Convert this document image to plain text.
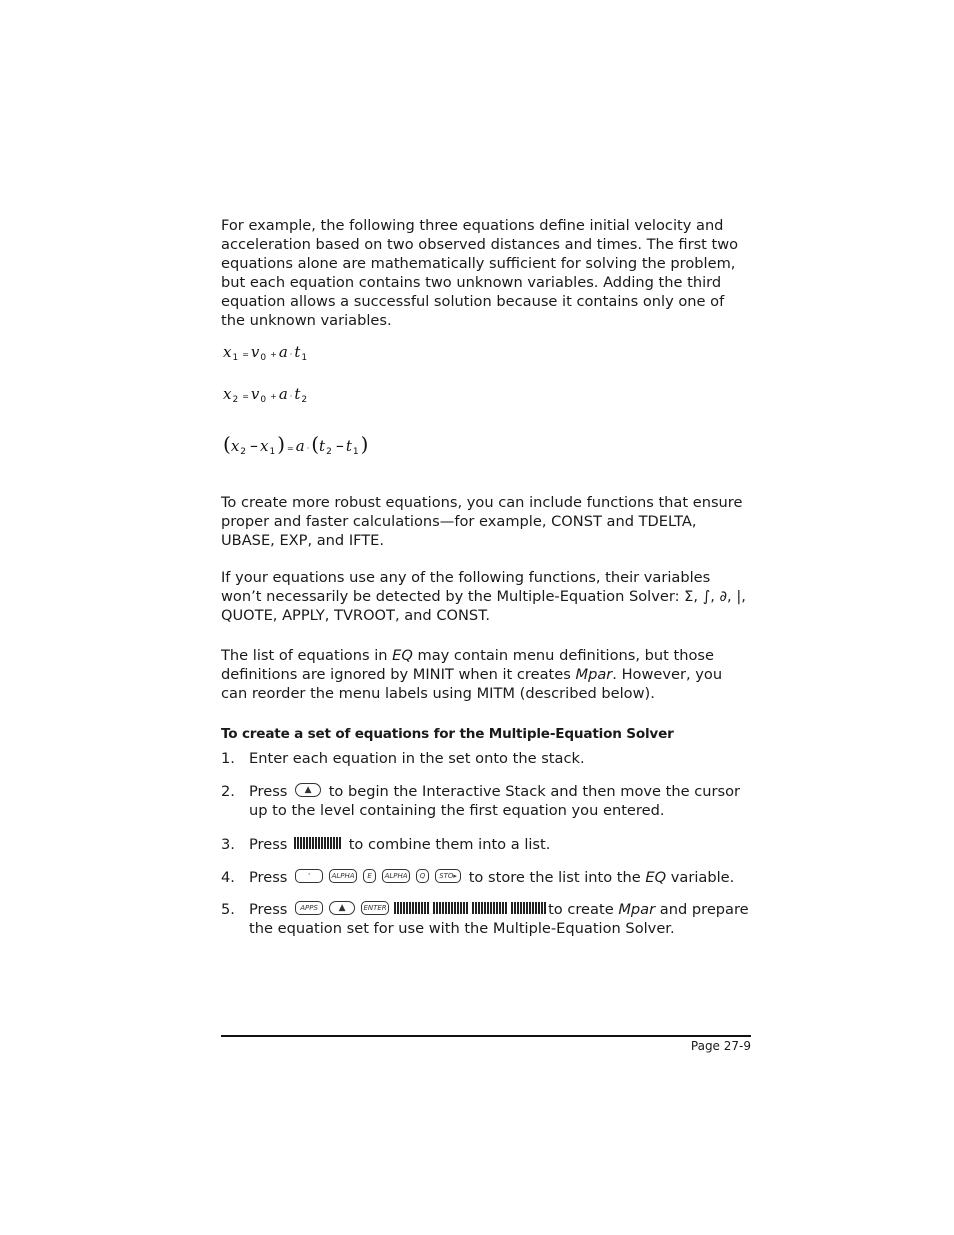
For example, the following three equations define initial velocity and acceleration based on two observed distances and times. The first two equations alone are mathematically sufficient for solving the problem, but each equation contains two unknown variables. Adding the third equation allows a successful solution because it contains only one of the unknown variables.

$x_1 = v_0 + a \cdot t_1$
$x_2 = v_0 + a \cdot t_2$
($x_2 - x_1$ ) = $a \cdot (t_2 - t_1$ )

To create more robust equations, you can include functions that ensure proper and faster calculations—for example, CONST and TDELTA, UBASE, EXP, and IFTE.

If your equations use any of the following functions, their variables won’t necessarily be detected by the Multiple-Equation Solver: Σ, ∫, ∂, |, QUOTE, APPLY, TVROOT, and CONST.

The list of equations in EQ may contain menu definitions, but those definitions are ignored by MINIT when it creates Mpar. However, you can reorder the menu labels using MITM (described below).

To create a set of equations for the Multiple-Equation Solver
1. Enter each equation in the set onto the stack.
2. Press ▲ to begin the Interactive Stack and then move the cursor up to the level containing the first equation you entered.
3. Press	to combine them into a list.
4. Press	'	ALPHA E ALPHA Q STO▸ to store the list into the EQ variable.
5. Press APPS ▲	ENTER	to create Mpar and prepare the equation set for use with the Multiple-Equation Solver.
Page 27-9
